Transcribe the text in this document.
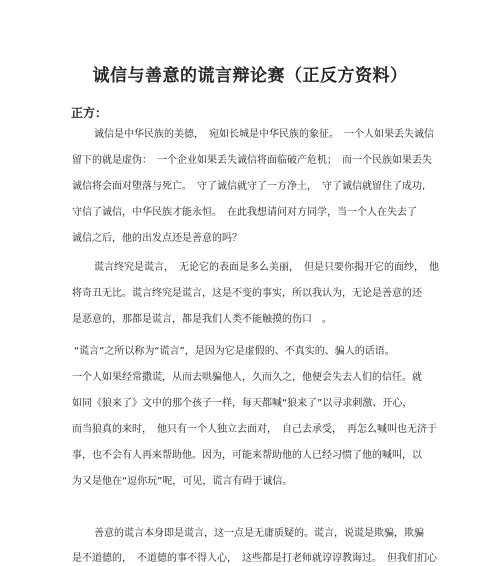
诚信与善意的谎言辩论赛（正反方资料）
正方：
诚信是中华民族的美德，　宛如长城是中华民族的象征。　一个人如果丢失诚信
留下的就是虚伪：　一个企业如果丢失诚信将面临破产危机；　而一个民族如果丢失
诚信将会面对堕落与死亡。　守了诚信就守了一方净土，　守了诚信就留住了成功,
守信了诚信，中华民族才能永恒。　在此我想请问对方同学，当一个人在失去了
诚信之后，他的出发点还是善意的吗？
谎言终究是谎言，　无论它的表面是多么美丽，　但是只要你揭开它的面纱，　他
将奇丑无比。谎言终究是谎言，这是不变的事实，所以我认为，无论是善意的还
是恶意的，那都是谎言，都是我们人类不能触摸的伤口　。
“谎言”之所以称为“谎言”，是因为它是虚假的、不真实的、骗人的话语。
一个人如果经常撒谎，从而去哄骗他人，久而久之，他便会失去人们的信任。就
如同《狼来了》文中的那个孩子一样，每天都喊“狼来了”以寻求刺激、开心，
而当狼真的来时，　他只有一个人独立去面对，　自己去承受，　再怎么喊叫也无济于
事，也不会有人再来帮助他。因为，可能来帮助他的人已经习惯了他的喊叫，以
为又是他在“逗你玩”呢，可见，谎言有碍于诚信。
善意的谎言本身即是谎言，这一点是无庸质疑的。谎言，说谎是欺骗，欺骗
是不道德的，　不道德的事不得人心，　这些都是打老师就谆谆教诲过。　但我们扪心
